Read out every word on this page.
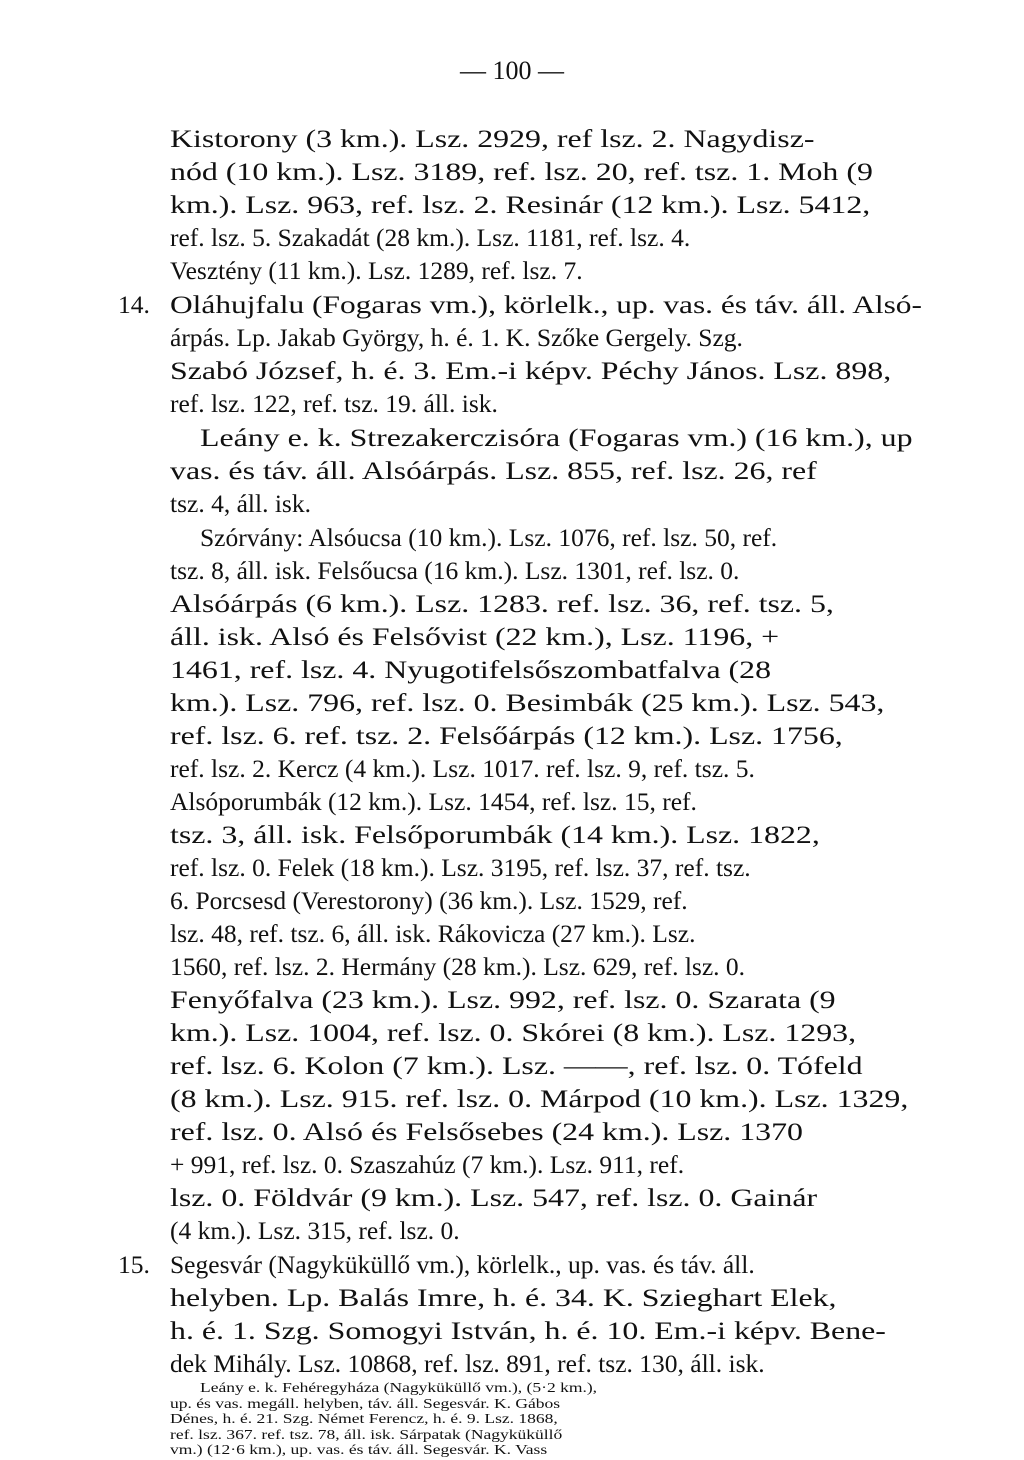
— 100 —
Kistorony (3 km.). Lsz. 2929, ref lsz. 2. Nagydisz-
nód (10 km.). Lsz. 3189, ref. lsz. 20, ref. tsz. 1. Moh (9
km.). Lsz. 963, ref. lsz. 2. Resinár (12 km.). Lsz. 5412,
ref. lsz. 5. Szakadát (28 km.). Lsz. 1181, ref. lsz. 4.
Vesztény (11 km.). Lsz. 1289, ref. lsz. 7.
14. Oláhujfalu (Fogaras vm.), körlelk., up. vas. és táv. áll. Alsó-
árpás. Lp. Jakab György, h. é. 1. K. Szőke Gergely. Szg.
Szabó József, h. é. 3. Em.-i képv. Péchy János. Lsz. 898,
ref. lsz. 122, ref. tsz. 19. áll. isk.
Leány e. k. Strezakerczisóra (Fogaras vm.) (16 km.), up
vas. és táv. áll. Alsóárpás. Lsz. 855, ref. lsz. 26, ref
tsz. 4, áll. isk.
Szórvány: Alsóucsa (10 km.). Lsz. 1076, ref. lsz. 50, ref.
tsz. 8, áll. isk. Felsőucsa (16 km.). Lsz. 1301, ref. lsz. 0.
Alsóárpás (6 km.). Lsz. 1283. ref. lsz. 36, ref. tsz. 5,
áll. isk. Alsó és Felsővist (22 km.), Lsz. 1196, +
1461, ref. lsz. 4. Nyugotifelsőszombatfalva (28
km.). Lsz. 796, ref. lsz. 0. Besimbák (25 km.). Lsz. 543,
ref. lsz. 6. ref. tsz. 2. Felsőárpás (12 km.). Lsz. 1756,
ref. lsz. 2. Kercz (4 km.). Lsz. 1017. ref. lsz. 9, ref. tsz. 5.
Alsóporumbák (12 km.). Lsz. 1454, ref. lsz. 15, ref.
tsz. 3, áll. isk. Felsőporumbák (14 km.). Lsz. 1822,
ref. lsz. 0. Felek (18 km.). Lsz. 3195, ref. lsz. 37, ref. tsz.
6. Porcsesd (Verestorony) (36 km.). Lsz. 1529, ref.
lsz. 48, ref. tsz. 6, áll. isk. Rákovicza (27 km.). Lsz.
1560, ref. lsz. 2. Hermány (28 km.). Lsz. 629, ref. lsz. 0.
Fenyőfalva (23 km.). Lsz. 992, ref. lsz. 0. Szarata (9
km.). Lsz. 1004, ref. lsz. 0. Skórei (8 km.). Lsz. 1293,
ref. lsz. 6. Kolon (7 km.). Lsz. ——, ref. lsz. 0. Tófeld
(8 km.). Lsz. 915. ref. lsz. 0. Márpod (10 km.). Lsz. 1329,
ref. lsz. 0. Alsó és Felsősebes (24 km.). Lsz. 1370
+ 991, ref. lsz. 0. Szaszahúz (7 km.). Lsz. 911, ref.
lsz. 0. Földvár (9 km.). Lsz. 547, ref. lsz. 0. Gainár
(4 km.). Lsz. 315, ref. lsz. 0.
15. Segesvár (Nagyküküllő vm.), körlelk., up. vas. és táv. áll.
helyben. Lp. Balás Imre, h. é. 34. K. Szieghart Elek,
h. é. 1. Szg. Somogyi István, h. é. 10. Em.-i képv. Bene-
dek Mihály. Lsz. 10868, ref. lsz. 891, ref. tsz. 130, áll. isk.
Leány e. k. Fehéregyháza (Nagyküküllő vm.), (5·2 km.),
up. és vas. megáll. helyben, táv. áll. Segesvár. K. Gábos
Dénes, h. é. 21. Szg. Német Ferencz, h. é. 9. Lsz. 1868,
ref. lsz. 367. ref. tsz. 78, áll. isk. Sárpatak (Nagyküküllő
vm.) (12·6 km.), up. vas. és táv. áll. Segesvár. K. Vass
